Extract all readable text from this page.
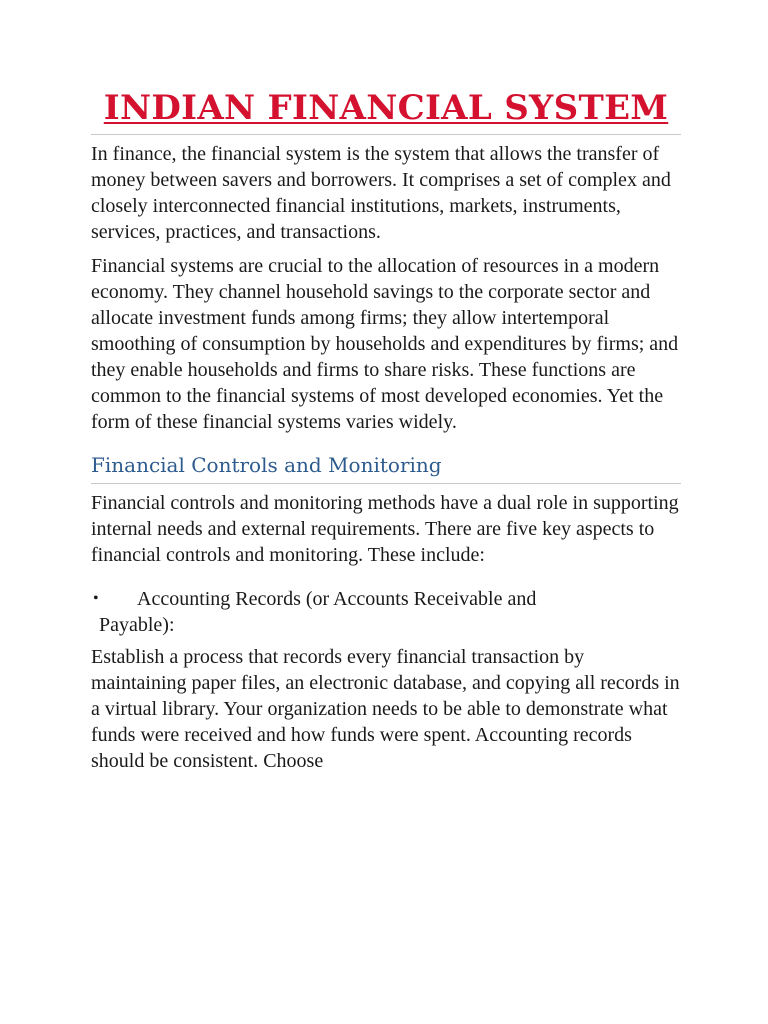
INDIAN FINANCIAL SYSTEM

In finance, the financial system is the system that allows the transfer of money between savers and borrowers. It comprises a set of complex and closely interconnected financial institutions, markets, instruments, services, practices, and transactions.

Financial systems are crucial to the allocation of resources in a modern economy. They channel household savings to the corporate sector and allocate investment funds among firms; they allow intertemporal smoothing of consumption by households and expenditures by firms; and they enable households and firms to share risks. These functions are common to the financial systems of most developed economies. Yet the form of these financial systems varies widely.

Financial Controls and Monitoring

Financial controls and monitoring methods have a dual role in supporting internal needs and external requirements. There are five key aspects to financial controls and monitoring. These include:

• Accounting Records (or Accounts Receivable and
Payable):

Establish a process that records every financial transaction by maintaining paper files, an electronic database, and copying all records in a virtual library. Your organization needs to be able to demonstrate what funds were received and how funds were spent. Accounting records should be consistent. Choose
